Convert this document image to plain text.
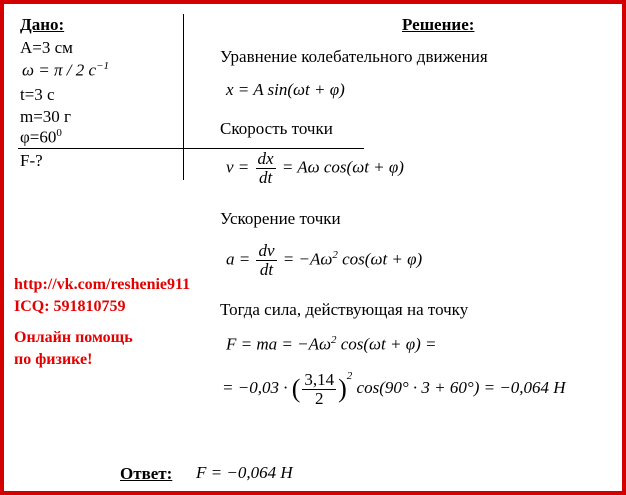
Дано:
A=3 см
ω = π / 2 $c^{-1}$
t=3 с
m=30 г
$\varphi=60^0$
F-?
Решение:
Уравнение колебательного движения
x = A sin(ωt + φ)
Скорость точки
$v = \frac{dx}{dt} = A\omega$ cos(ωt + φ)
Ускорение точки
$a = \frac{dv}{dt} = -A\omega^2$ cos(ωt + φ)
Тогда сила, действующая на точку
F = ma = $-A\omega^2$ cos(ωt + φ) =
= −0,03 · ( $\frac{3,14}{2} )^2$ cos(90° · 3 + 60°) = −0,064 H
http://vk.com/reshenie911
ICQ: 591810759
Онлайн помощь
по физике!
Ответ: F = −0,064 H
